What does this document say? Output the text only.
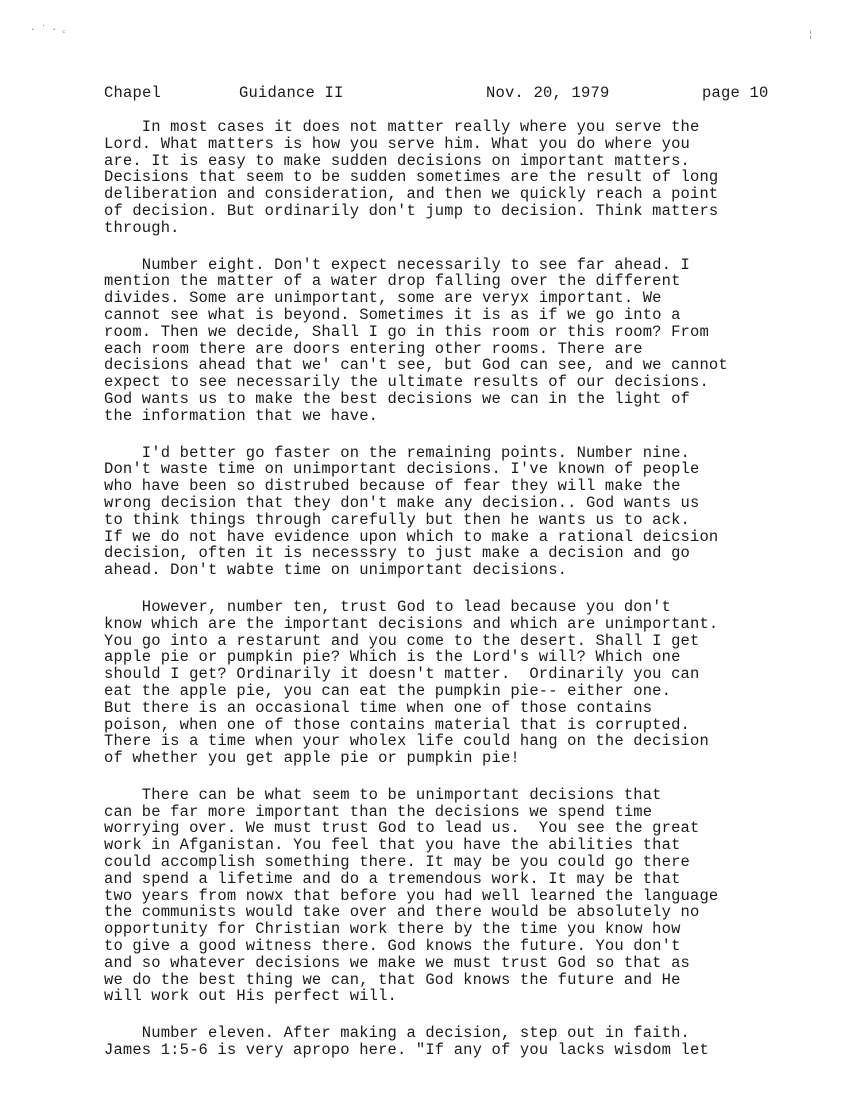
· ˙ · ꜀	¦
Chapel	Guidance II	Nov. 20, 1979	page 10
In most cases it does not matter really where you serve the
Lord. What matters is how you serve him. What you do where you
are. It is easy to make sudden decisions on important matters.
Decisions that seem to be sudden sometimes are the result of long
deliberation and consideration, and then we quickly reach a point
of decision. But ordinarily don't jump to decision. Think matters
through.
Number eight. Don't expect necessarily to see far ahead. I
mention the matter of a water drop falling over the different
divides. Some are unimportant, some are veryx important. We
cannot see what is beyond. Sometimes it is as if we go into a
room. Then we decide, Shall I go in this room or this room? From
each room there are doors entering other rooms. There are
decisions ahead that we' can't see, but God can see, and we cannot
expect to see necessarily the ultimate results of our decisions.
God wants us to make the best decisions we can in the light of
the information that we have.
I'd better go faster on the remaining points. Number nine.
Don't waste time on unimportant decisions. I've known of people
who have been so distrubed because of fear they will make the
wrong decision that they don't make any decision.. God wants us
to think things through carefully but then he wants us to ack.
If we do not have evidence upon which to make a rational deicsion
decision, often it is necesssry to just make a decision and go
ahead. Don't wabte time on unimportant decisions.
However, number ten, trust God to lead because you don't
know which are the important decisions and which are unimportant.
You go into a restarunt and you come to the desert. Shall I get
apple pie or pumpkin pie? Which is the Lord's will? Which one
should I get? Ordinarily it doesn't matter.  Ordinarily you can
eat the apple pie, you can eat the pumpkin pie-- either one.
But there is an occasional time when one of those contains
poison, when one of those contains material that is corrupted.
There is a time when your wholex life could hang on the decision
of whether you get apple pie or pumpkin pie!
There can be what seem to be unimportant decisions that
can be far more important than the decisions we spend time
worrying over. We must trust God to lead us.  You see the great
work in Afganistan. You feel that you have the abilities that
could accomplish something there. It may be you could go there
and spend a lifetime and do a tremendous work. It may be that
two years from nowx that before you had well learned the language
the communists would take over and there would be absolutely no
opportunity for Christian work there by the time you know how
to give a good witness there. God knows the future. You don't
and so whatever decisions we make we must trust God so that as
we do the best thing we can, that God knows the future and He
will work out His perfect will.
Number eleven. After making a decision, step out in faith.
James 1:5-6 is very apropo here. "If any of you lacks wisdom let
